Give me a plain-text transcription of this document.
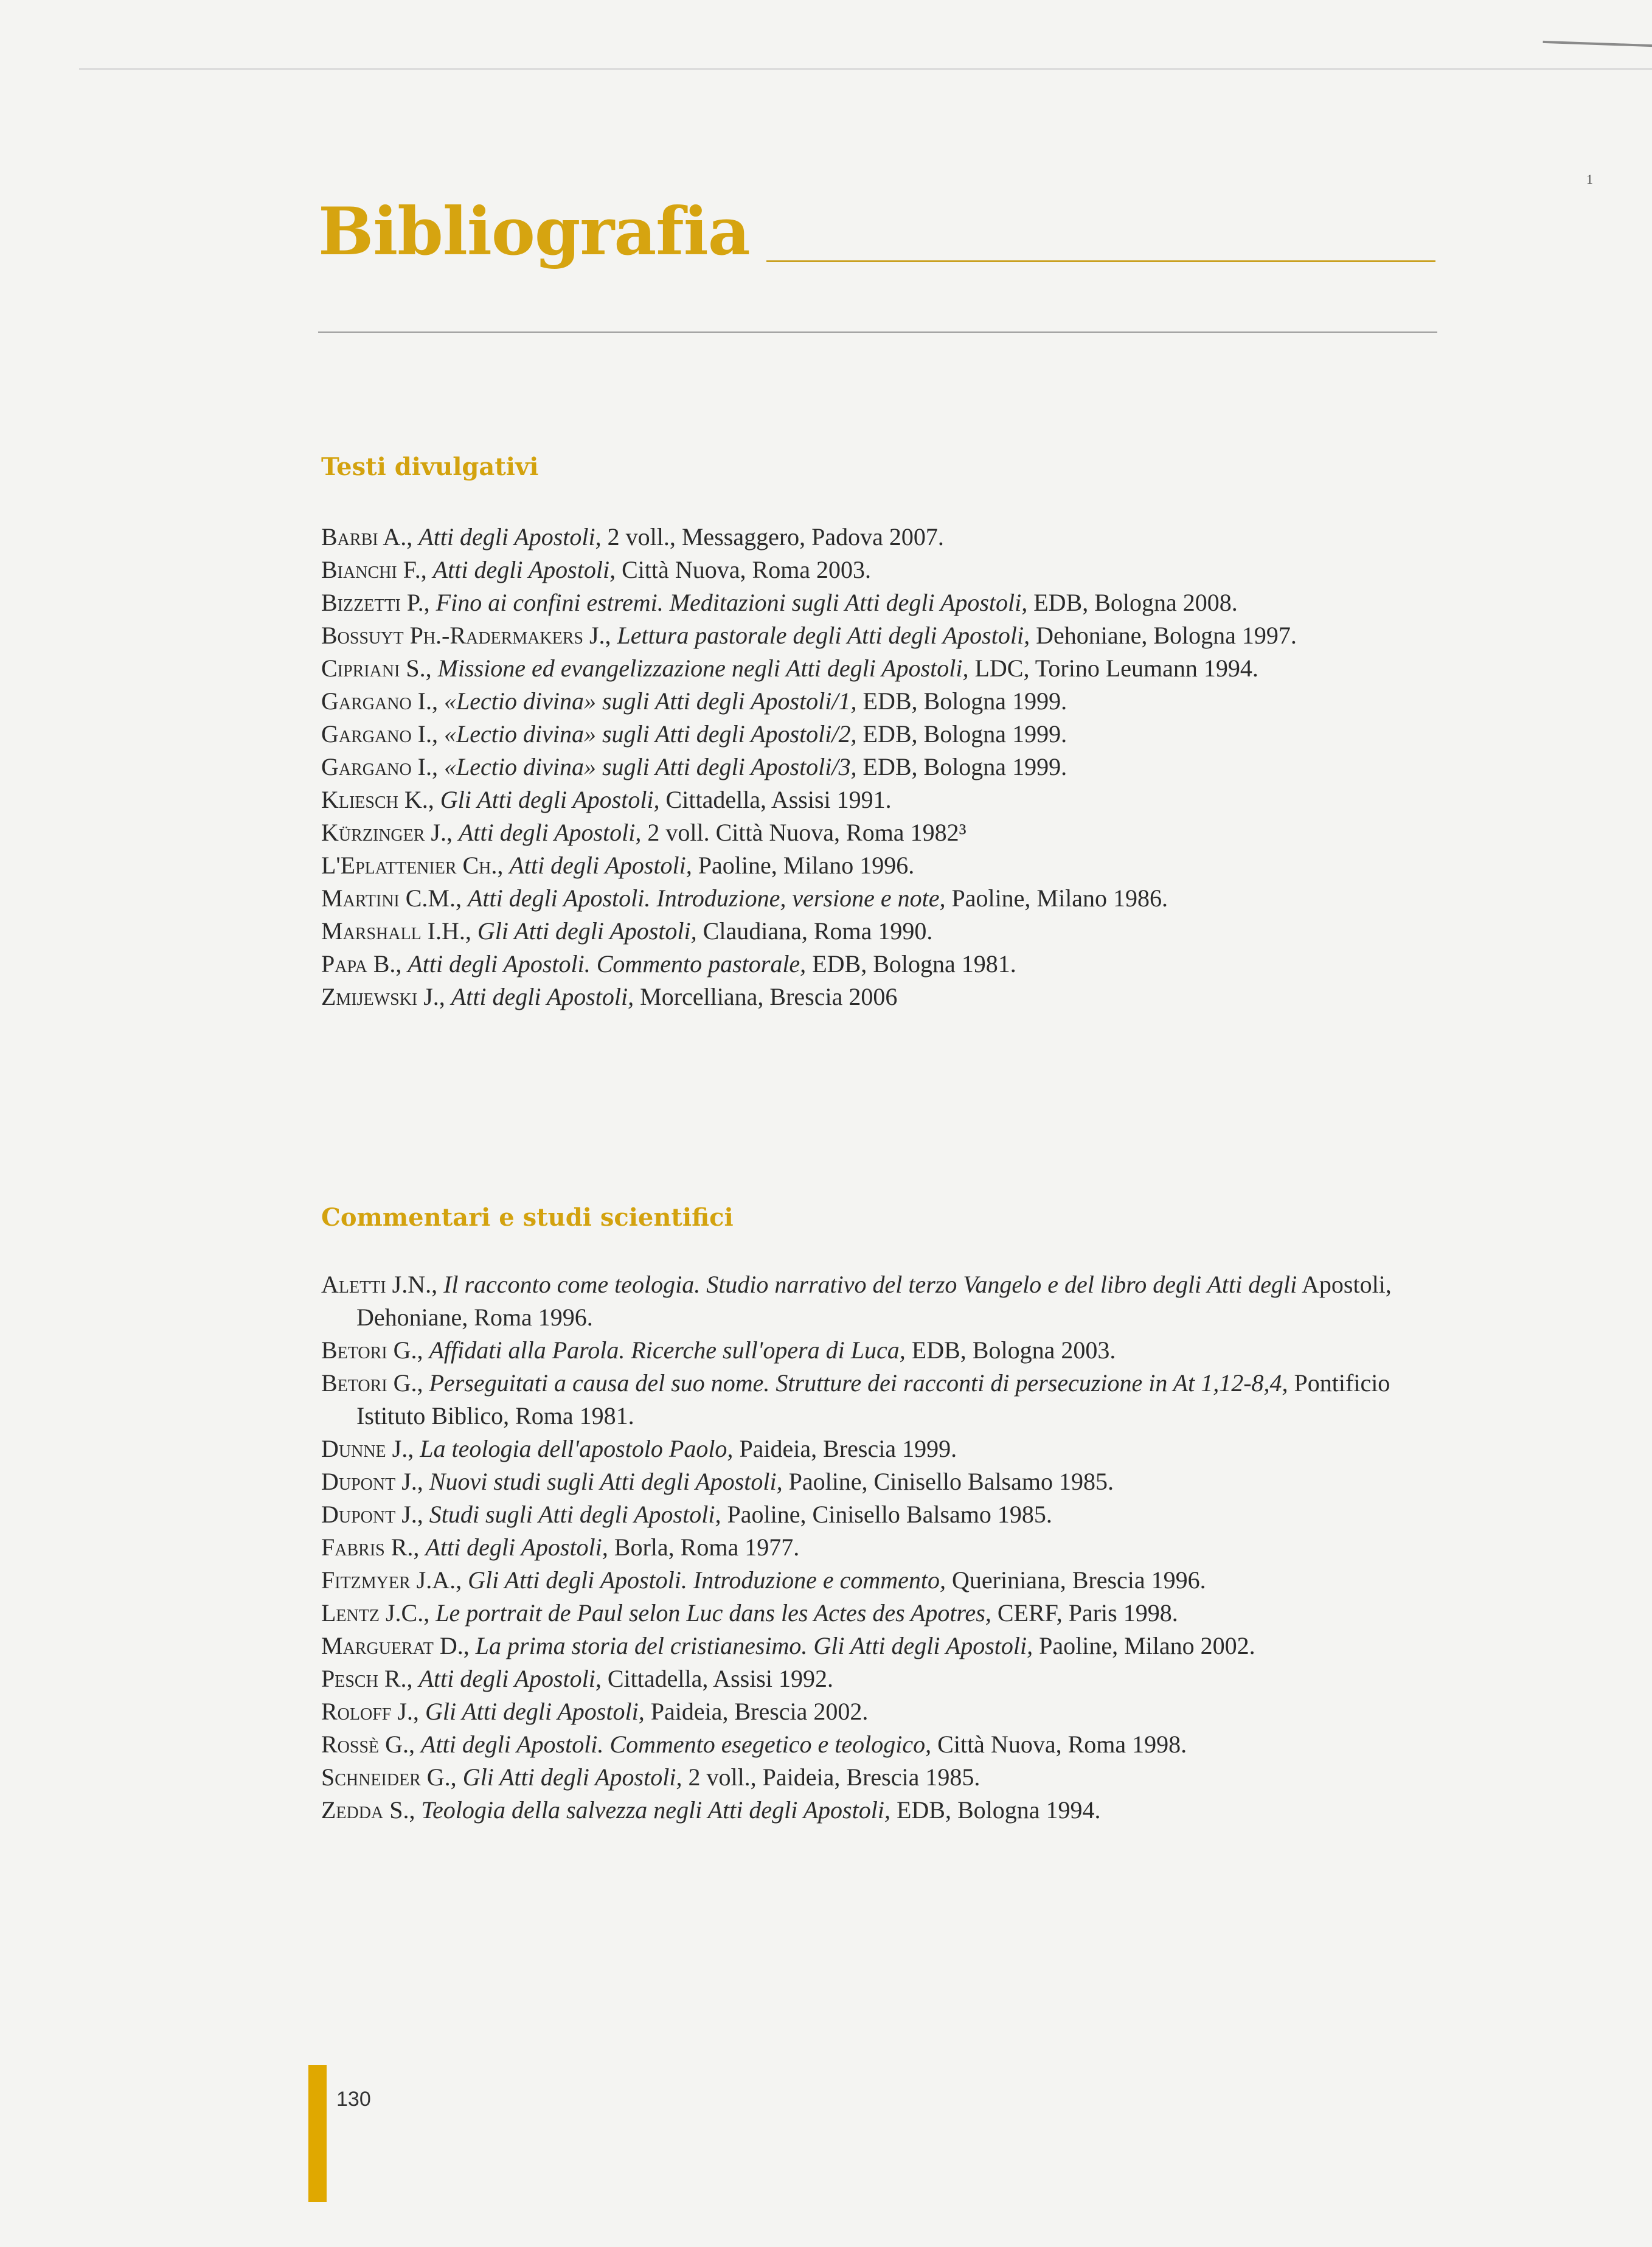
1
Bibliografia
Testi divulgativi
Barbi A., Atti degli Apostoli, 2 voll., Messaggero, Padova 2007.
Bianchi F., Atti degli Apostoli, Città Nuova, Roma 2003.
Bizzetti P., Fino ai confini estremi. Meditazioni sugli Atti degli Apostoli, EDB, Bologna 2008.
Bossuyt Ph.-Radermakers J., Lettura pastorale degli Atti degli Apostoli, Dehoniane, Bologna 1997.
Cipriani S., Missione ed evangelizzazione negli Atti degli Apostoli, LDC, Torino Leumann 1994.
Gargano I., «Lectio divina» sugli Atti degli Apostoli/1, EDB, Bologna 1999.
Gargano I., «Lectio divina» sugli Atti degli Apostoli/2, EDB, Bologna 1999.
Gargano I., «Lectio divina» sugli Atti degli Apostoli/3, EDB, Bologna 1999.
Kliesch K., Gli Atti degli Apostoli, Cittadella, Assisi 1991.
Kürzinger J., Atti degli Apostoli, 2 voll. Città Nuova, Roma 1982³
L'Eplattenier Ch., Atti degli Apostoli, Paoline, Milano 1996.
Martini C.M., Atti degli Apostoli. Introduzione, versione e note, Paoline, Milano 1986.
Marshall I.H., Gli Atti degli Apostoli, Claudiana, Roma 1990.
Papa B., Atti degli Apostoli. Commento pastorale, EDB, Bologna 1981.
Zmijewski J., Atti degli Apostoli, Morcelliana, Brescia 2006
Commentari e studi scientifici
Aletti J.N., Il racconto come teologia. Studio narrativo del terzo Vangelo e del libro degli Atti degli Apostoli, Dehoniane, Roma 1996.
Betori G., Affidati alla Parola. Ricerche sull'opera di Luca, EDB, Bologna 2003.
Betori G., Perseguitati a causa del suo nome. Strutture dei racconti di persecuzione in At 1,12-8,4, Pontificio Istituto Biblico, Roma 1981.
Dunne J., La teologia dell'apostolo Paolo, Paideia, Brescia 1999.
Dupont J., Nuovi studi sugli Atti degli Apostoli, Paoline, Cinisello Balsamo 1985.
Dupont J., Studi sugli Atti degli Apostoli, Paoline, Cinisello Balsamo 1985.
Fabris R., Atti degli Apostoli, Borla, Roma 1977.
Fitzmyer J.A., Gli Atti degli Apostoli. Introduzione e commento, Queriniana, Brescia 1996.
Lentz J.C., Le portrait de Paul selon Luc dans les Actes des Apotres, CERF, Paris 1998.
Marguerat D., La prima storia del cristianesimo. Gli Atti degli Apostoli, Paoline, Milano 2002.
Pesch R., Atti degli Apostoli, Cittadella, Assisi 1992.
Roloff J., Gli Atti degli Apostoli, Paideia, Brescia 2002.
Rossè G., Atti degli Apostoli. Commento esegetico e teologico, Città Nuova, Roma 1998.
Schneider G., Gli Atti degli Apostoli, 2 voll., Paideia, Brescia 1985.
Zedda S., Teologia della salvezza negli Atti degli Apostoli, EDB, Bologna 1994.
130
